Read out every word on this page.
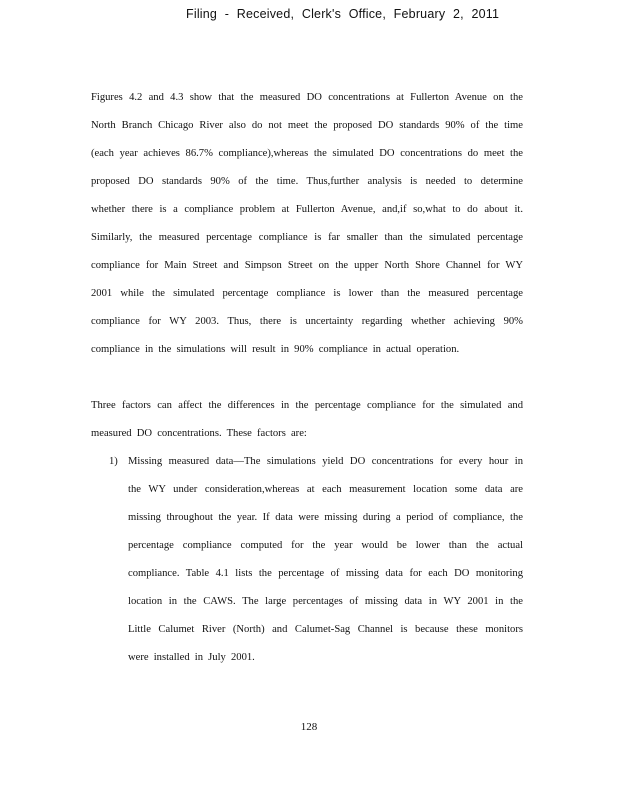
Filing - Received, Clerk's Office, February 2, 2011

Figures 4.2 and 4.3 show that the measured DO concentrations at Fullerton Avenue on the North Branch Chicago River also do not meet the proposed DO standards 90% of the time (each year achieves 86.7% compliance),whereas the simulated DO concentrations do meet the proposed DO standards 90% of the time. Thus,further analysis is needed to determine whether there is a compliance problem at Fullerton Avenue, and,if so,what to do about it. Similarly, the measured percentage compliance is far smaller than the simulated percentage compliance for Main Street and Simpson Street on the upper North Shore Channel for WY 2001 while the simulated percentage compliance is lower than the measured percentage compliance for WY 2003. Thus, there is uncertainty regarding whether achieving 90% compliance in the simulations will result in 90% compliance in actual operation.

Three factors can affect the differences in the percentage compliance for the simulated and measured DO concentrations. These factors are:

1) Missing measured data—The simulations yield DO concentrations for every hour in the WY under consideration,whereas at each measurement location some data are missing throughout the year. If data were missing during a period of compliance, the percentage compliance computed for the year would be lower than the actual compliance. Table 4.1 lists the percentage of missing data for each DO monitoring location in the CAWS. The large percentages of missing data in WY 2001 in the Little Calumet River (North) and Calumet-Sag Channel is because these monitors were installed in July 2001.
128
